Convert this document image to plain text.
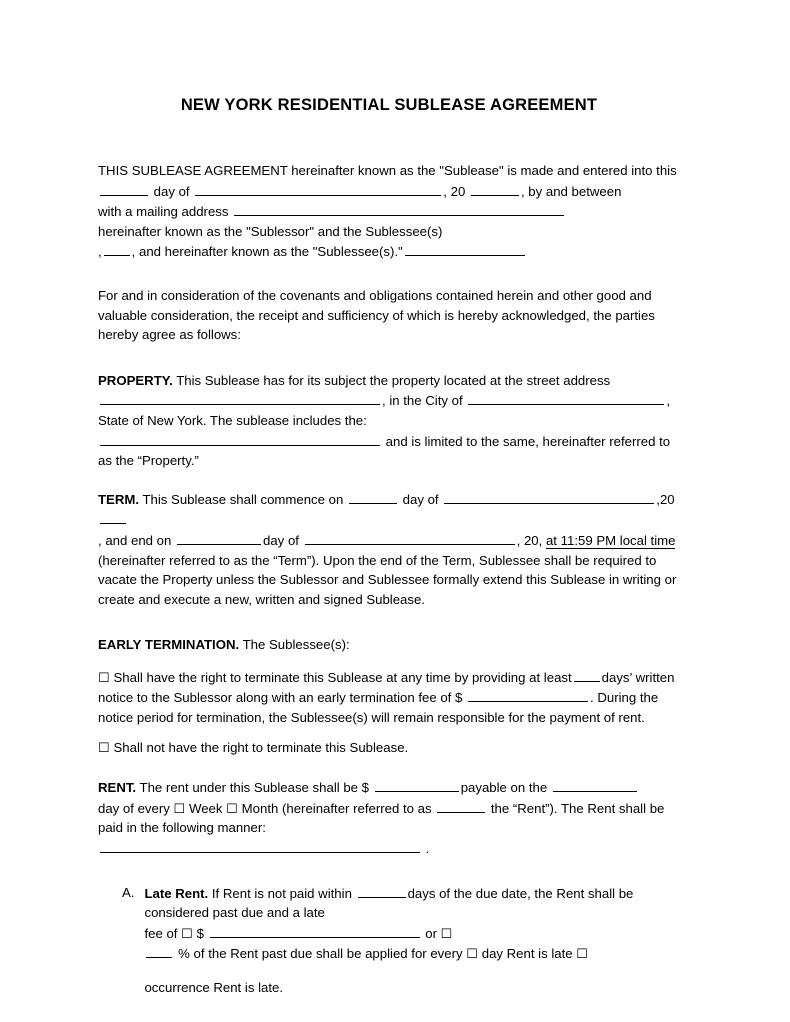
NEW YORK RESIDENTIAL SUBLEASE AGREEMENT

THIS SUBLEASE AGREEMENT hereinafter known as the "Sublease" is made and entered into this

day of	, 20	, by and between

with a mailing address

hereinafter known as the "Sublessor" and the Sublessee(s)

, , and hereinafter known as the "Sublessee(s)."

For and in consideration of the covenants and obligations contained herein and other good and valuable consideration, the receipt and sufficiency of which is hereby acknowledged, the parties hereby agree as follows:

PROPERTY. This Sublease has for its subject the property located at the street address

, in the City of	, State of New York. The sublease includes the:

and is limited to the same, hereinafter referred to as the “Property.”

TERM. This Sublease shall commence on	day of	,20

, and end on	day of	, 20, at 11:59 PM local time

(hereinafter referred to as the “Term”). Upon the end of the Term, Sublessee shall be required to vacate the Property unless the Sublessor and Sublessee formally extend this Sublease in writing or create and execute a new, written and signed Sublease.

EARLY TERMINATION. The Sublessee(s):

☐ Shall have the right to terminate this Sublease at any time by providing at least days’ written notice to the Sublessor along with an early termination fee of $	. During the notice period for termination, the Sublessee(s) will remain responsible for the payment of rent.

☐ Shall not have the right to terminate this Sublease.

RENT. The rent under this Sublease shall be $	payable on the

day of every ☐ Week ☐ Month (hereinafter referred to as	the “Rent”). The Rent shall be paid in the following manner:

.

A. Late Rent. If Rent is not paid within	days of the due date, the Rent shall be considered past due and a late

fee of ☐ $	or ☐

% of the Rent past due shall be applied for every ☐ day Rent is late ☐

occurrence Rent is late.
